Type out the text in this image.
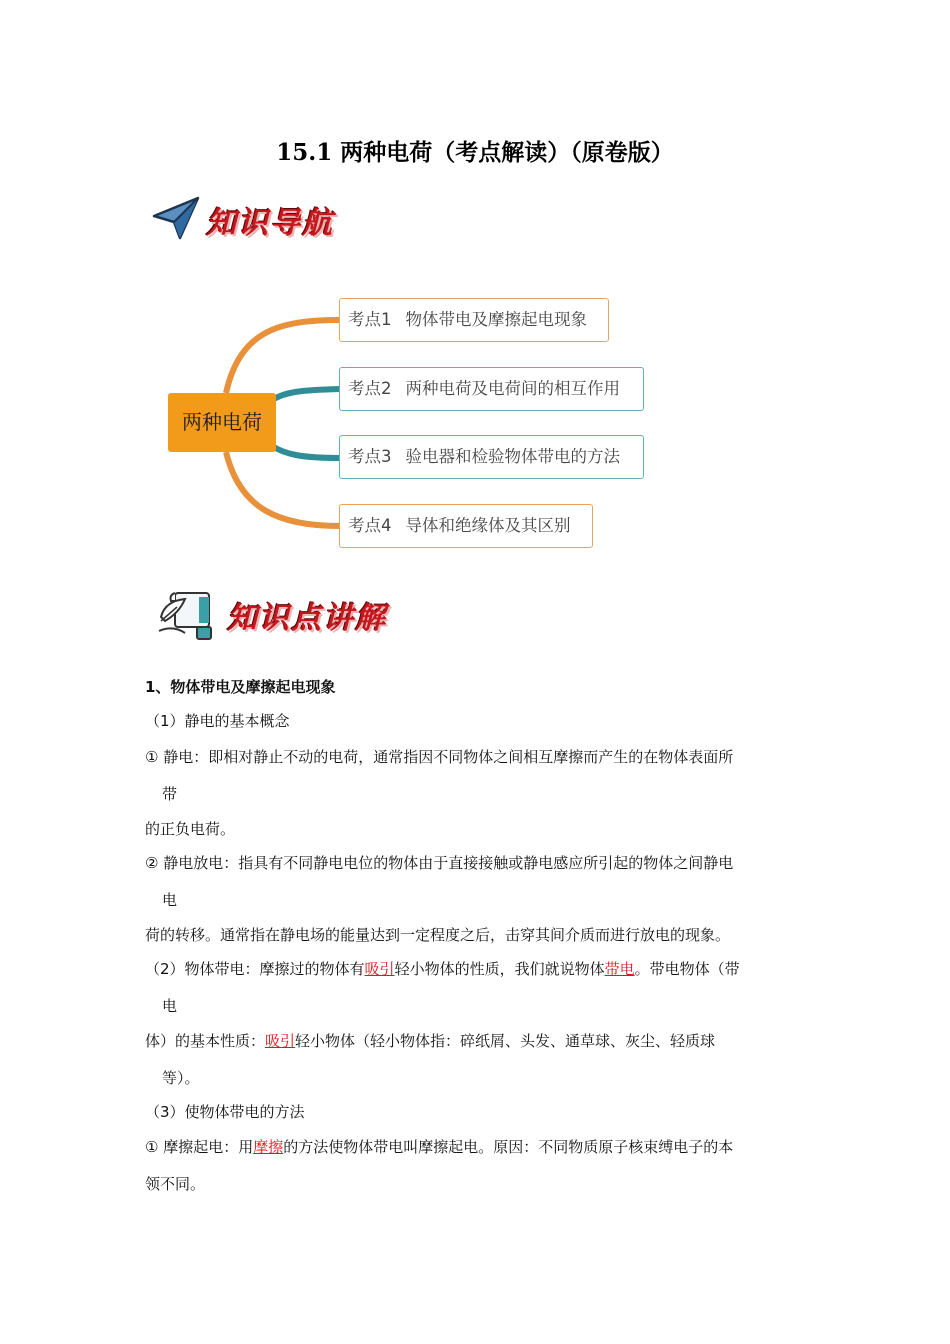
15.1 两种电荷（考点解读）（原卷版）
知识导航
两种电荷
考点1 物体带电及摩擦起电现象
考点2 两种电荷及电荷间的相互作用
考点3 验电器和检验物体带电的方法
考点4 导体和绝缘体及其区别
知识点讲解
1、物体带电及摩擦起电现象
（1）静电的基本概念
① 静电：即相对静止不动的电荷，通常指因不同物体之间相互摩擦而产生的在物体表面所
带
的正负电荷。
② 静电放电：指具有不同静电电位的物体由于直接接触或静电感应所引起的物体之间静电
电
荷的转移。通常指在静电场的能量达到一定程度之后，击穿其间介质而进行放电的现象。
（2）物体带电：摩擦过的物体有吸引轻小物体的性质，我们就说物体带电。带电物体（带
电
体）的基本性质：吸引轻小物体（轻小物体指：碎纸屑、头发、通草球、灰尘、轻质球
等）。
（3）使物体带电的方法
① 摩擦起电：用摩擦的方法使物体带电叫摩擦起电。原因：不同物质原子核束缚电子的本
领不同。
